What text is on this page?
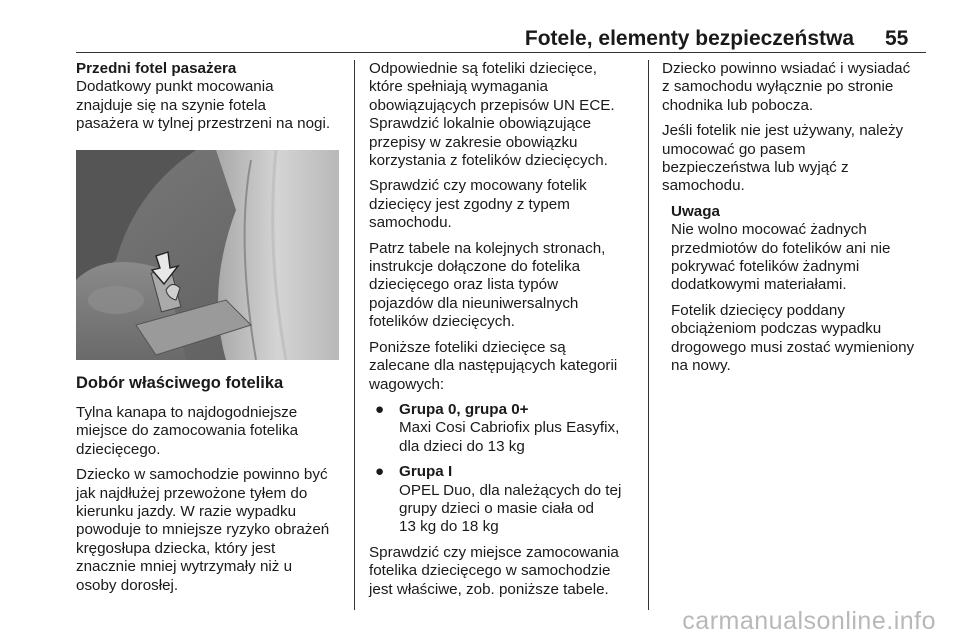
Fotele, elementy bezpieczeństwa 55
Przedni fotel pasażera
Dodatkowy punkt mocowania
znajduje się na szynie fotela
pasażera w tylnej przestrzeni na nogi.
Dobór właściwego fotelika

Tylna kanapa to najdogodniejsze
miejsce do zamocowania fotelika
dziecięcego.

Dziecko w samochodzie powinno być
jak najdłużej przewożone tyłem do
kierunku jazdy. W razie wypadku
powoduje to mniejsze ryzyko obrażeń
kręgosłupa dziecka, który jest
znacznie mniej wytrzymały niż u
osoby dorosłej.

Odpowiednie są foteliki dziecięce,
które spełniają wymagania
obowiązujących przepisów UN ECE.
Sprawdzić lokalnie obowiązujące
przepisy w zakresie obowiązku
korzystania z fotelików dziecięcych.

Sprawdzić czy mocowany fotelik
dziecięcy jest zgodny z typem
samochodu.

Patrz tabele na kolejnych stronach,
instrukcje dołączone do fotelika
dziecięcego oraz lista typów
pojazdów dla nieuniwersalnych
fotelików dziecięcych.

Poniższe foteliki dziecięce są
zalecane dla następujących kategorii
wagowych:

● Grupa 0, grupa 0+
Maxi Cosi Cabriofix plus Easyfix,
dla dzieci do 13 kg
● Grupa I
OPEL Duo, dla należących do tej
grupy dzieci o masie ciała od
13 kg do 18 kg

Sprawdzić czy miejsce zamocowania
fotelika dziecięcego w samochodzie
jest właściwe, zob. poniższe tabele.

Dziecko powinno wsiadać i wysiadać
z samochodu wyłącznie po stronie
chodnika lub pobocza.

Jeśli fotelik nie jest używany, należy
umocować go pasem
bezpieczeństwa lub wyjąć z
samochodu.

Uwaga

Nie wolno mocować żadnych
przedmiotów do fotelików ani nie
pokrywać fotelików żadnymi
dodatkowymi materiałami.

Fotelik dziecięcy poddany
obciążeniom podczas wypadku
drogowego musi zostać wymieniony
na nowy.

carmanualsonline.info
